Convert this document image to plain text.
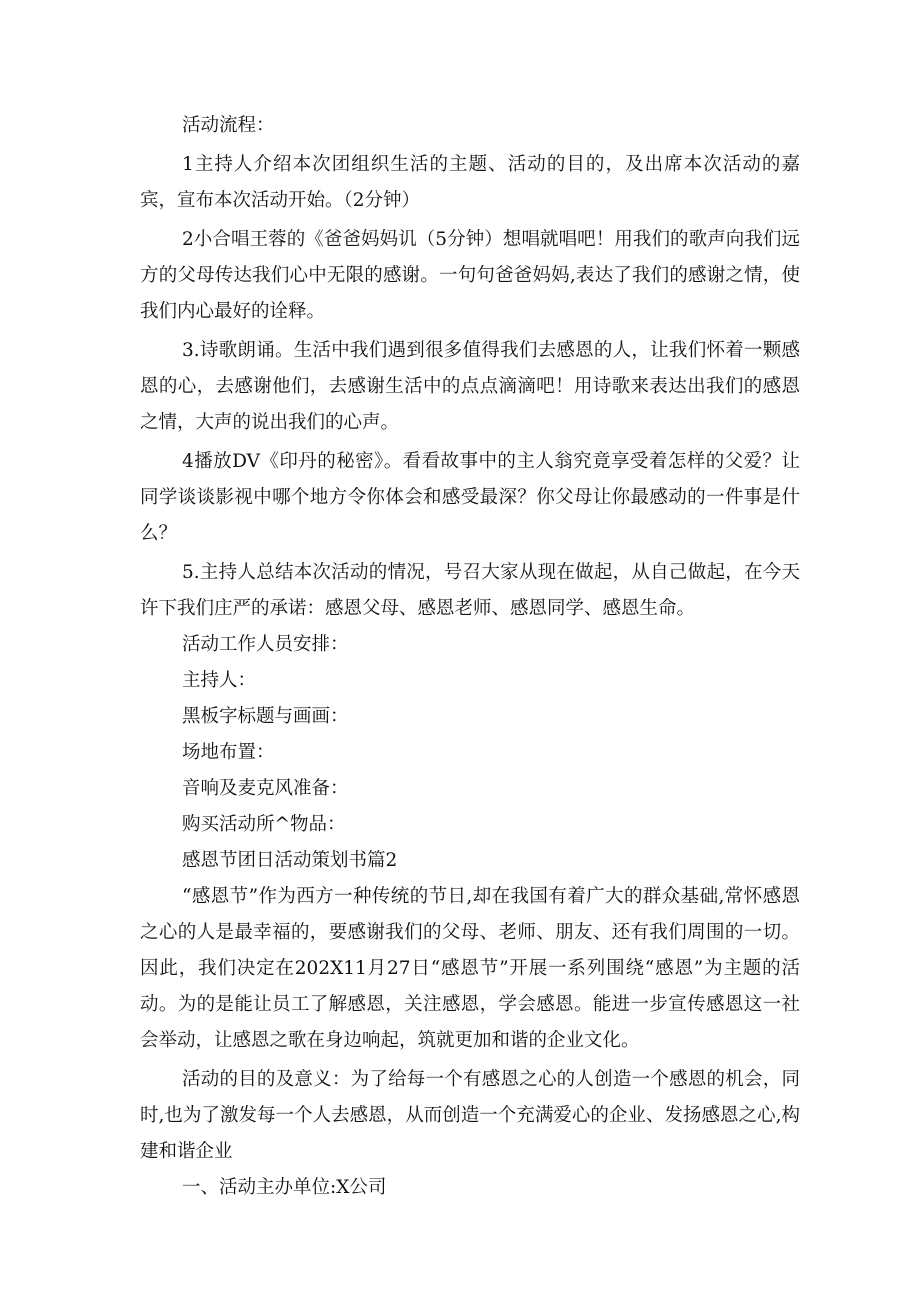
活动流程：

1主持人介绍本次团组织生活的主题、活动的目的，及出席本次活动的嘉宾，宣布本次活动开始。（2分钟）

2小合唱王蓉的《爸爸妈妈讥（5分钟）想唱就唱吧！用我们的歌声向我们远方的父母传达我们心中无限的感谢。一句句爸爸妈妈,表达了我们的感谢之情，使我们内心最好的诠释。

3.诗歌朗诵。生活中我们遇到很多值得我们去感恩的人，让我们怀着一颗感恩的心，去感谢他们，去感谢生活中的点点滴滴吧！用诗歌来表达出我们的感恩之情，大声的说出我们的心声。

4播放DV《印丹的秘密》。看看故事中的主人翁究竟享受着怎样的父爱？让同学谈谈影视中哪个地方令你体会和感受最深？你父母让你最感动的一件事是什么？

5.主持人总结本次活动的情况，号召大家从现在做起，从自己做起，在今天许下我们庄严的承诺：感恩父母、感恩老师、感恩同学、感恩生命。

活动工作人员安排：

主持人：

黑板字标题与画画：

场地布置：

音响及麦克风准备：

购买活动所^物品：

感恩节团日活动策划书篇2

“感恩节”作为西方一种传统的节日,却在我国有着广大的群众基础,常怀感恩之心的人是最幸福的，要感谢我们的父母、老师、朋友、还有我们周围的一切。因此，我们决定在202X11月27日“感恩节”开展一系列围绕“感恩”为主题的活动。为的是能让员工了解感恩，关注感恩，学会感恩。能进一步宣传感恩这一社会举动，让感恩之歌在身边响起，筑就更加和谐的企业文化。

活动的目的及意义：为了给每一个有感恩之心的人创造一个感恩的机会，同时,也为了激发每一个人去感恩，从而创造一个充满爱心的企业、发扬感恩之心,构建和谐企业

一、活动主办单位:X公司
